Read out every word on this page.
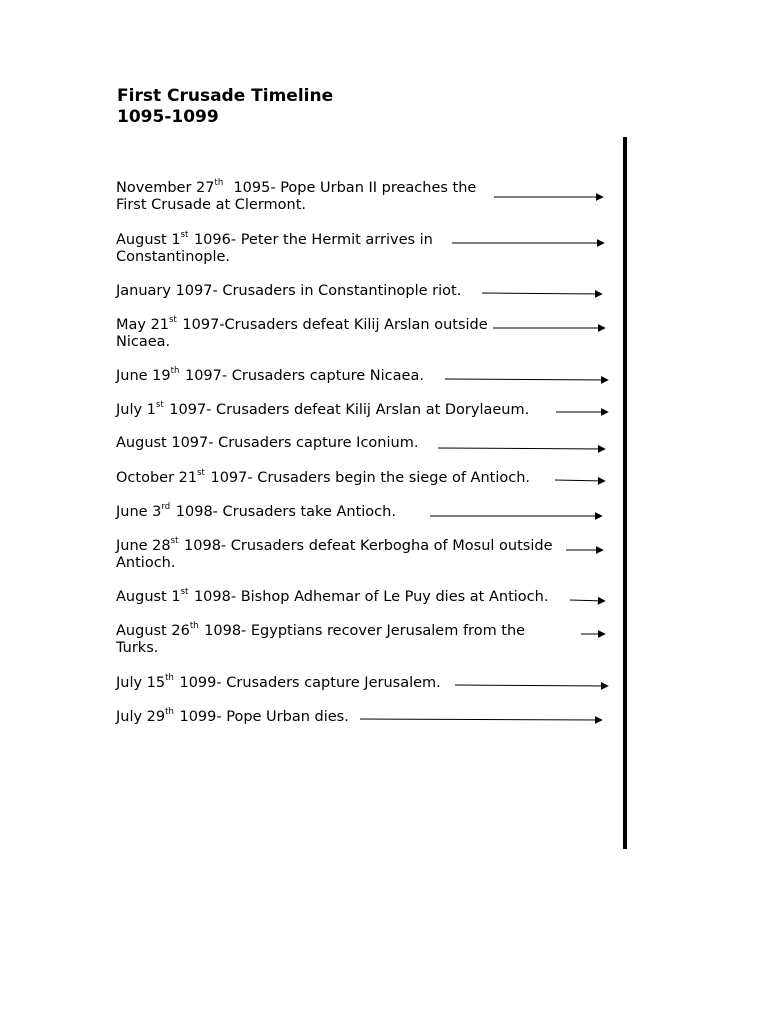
First Crusade Timeline
1095-1099
November 27th  1095- Pope Urban II preaches the
First Crusade at Clermont.
August 1st 1096- Peter the Hermit arrives in
Constantinople.
January 1097- Crusaders in Constantinople riot.
May 21st 1097-Crusaders defeat Kilij Arslan outside
Nicaea.
June 19th 1097- Crusaders capture Nicaea.
July 1st 1097- Crusaders defeat Kilij Arslan at Dorylaeum.
August 1097- Crusaders capture Iconium.
October 21st 1097- Crusaders begin the siege of Antioch.
June 3rd 1098- Crusaders take Antioch.
June 28st 1098- Crusaders defeat Kerbogha of Mosul outside
Antioch.
August 1st 1098- Bishop Adhemar of Le Puy dies at Antioch.
August 26th 1098- Egyptians recover Jerusalem from the
Turks.
July 15th 1099- Crusaders capture Jerusalem.
July 29th 1099- Pope Urban dies.
